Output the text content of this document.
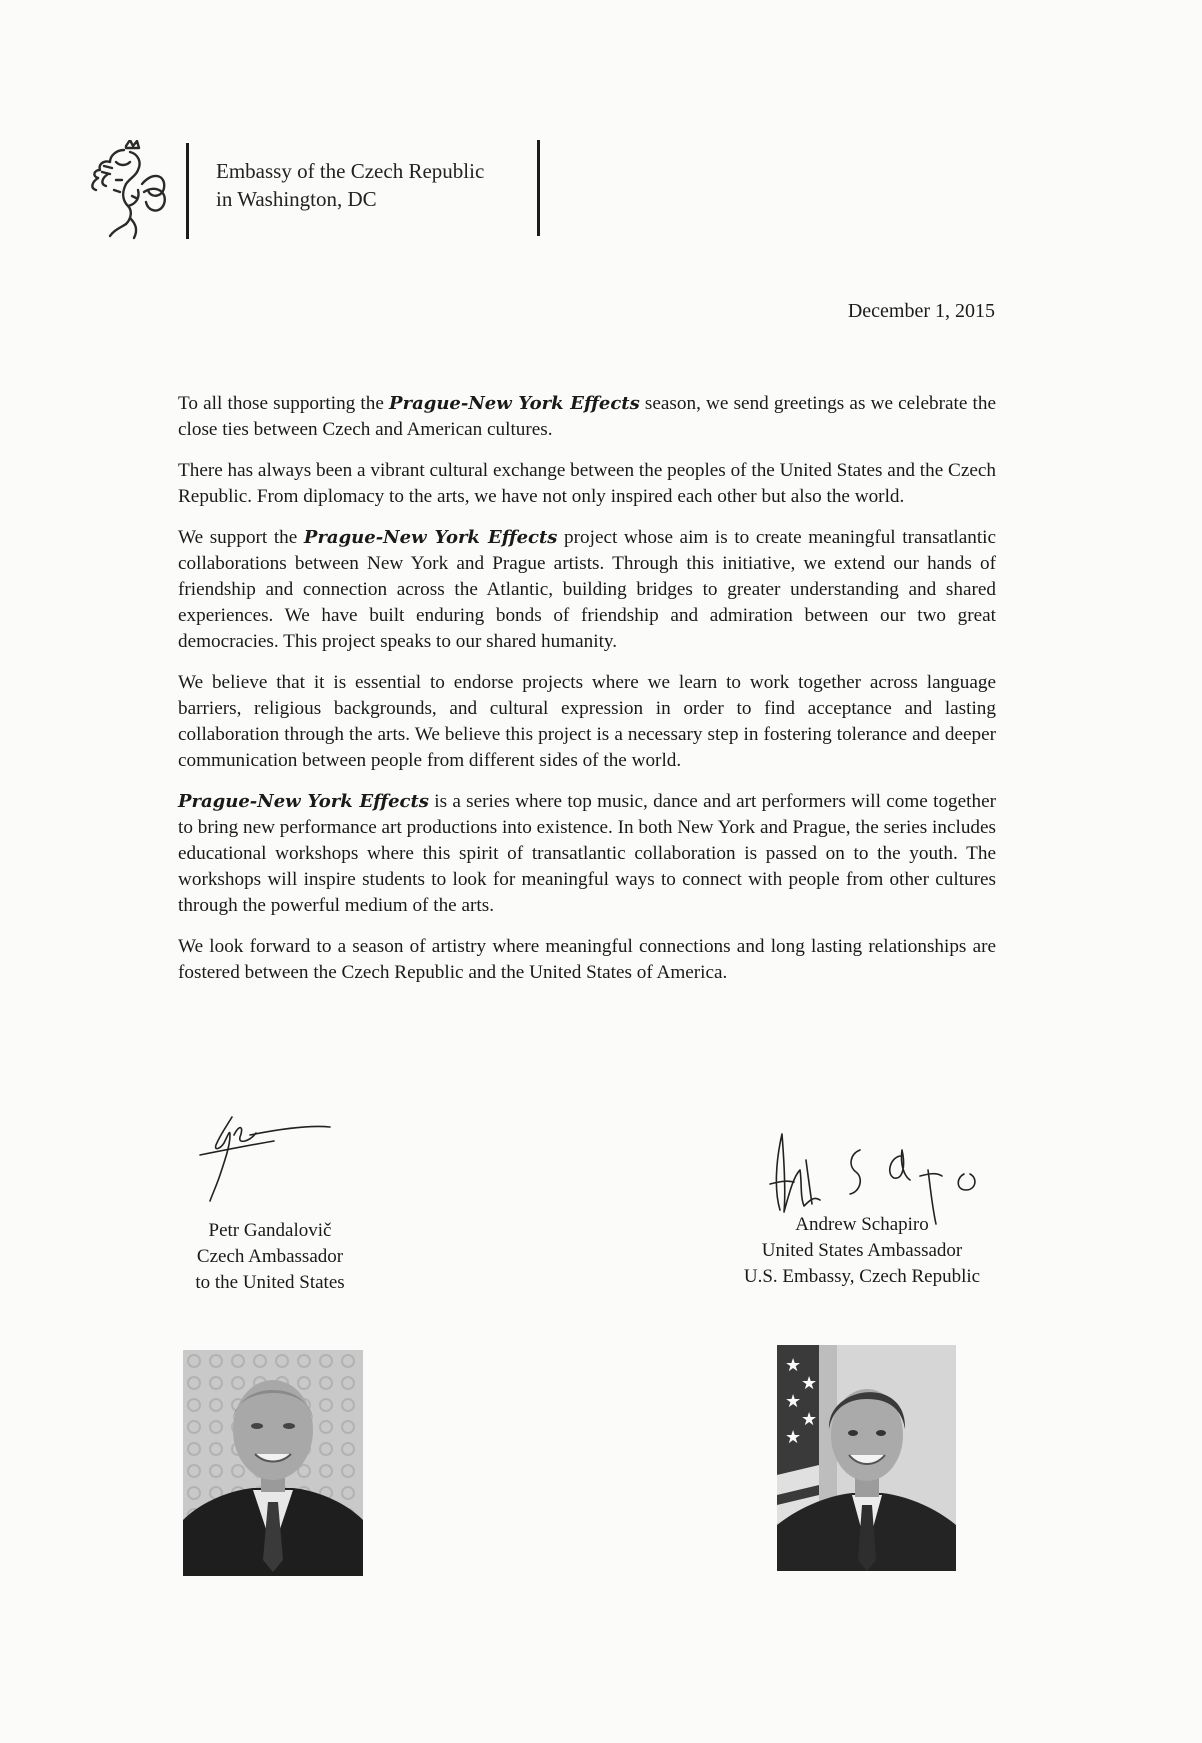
Embassy of the Czech Republic
in Washington, DC
December 1, 2015

To all those supporting the Prague-New York Effects season, we send greetings as we celebrate the close ties between Czech and American cultures.

There has always been a vibrant cultural exchange between the peoples of the United States and the Czech Republic. From diplomacy to the arts, we have not only inspired each other but also the world.

We support the Prague-New York Effects project whose aim is to create meaningful transatlantic collaborations between New York and Prague artists. Through this initiative, we extend our hands of friendship and connection across the Atlantic, building bridges to greater understanding and shared experiences. We have built enduring bonds of friendship and admiration between our two great democracies. This project speaks to our shared humanity.

We believe that it is essential to endorse projects where we learn to work together across language barriers, religious backgrounds, and cultural expression in order to find acceptance and lasting collaboration through the arts. We believe this project is a necessary step in fostering tolerance and deeper communication between people from different sides of the world.

Prague-New York Effects is a series where top music, dance and art performers will come together to bring new performance art productions into existence. In both New York and Prague, the series includes educational workshops where this spirit of transatlantic collaboration is passed on to the youth. The workshops will inspire students to look for meaningful ways to connect with people from other cultures through the powerful medium of the arts.

We look forward to a season of artistry where meaningful connections and long lasting relationships are fostered between the Czech Republic and the United States of America.

Petr Gandalovič
Czech Ambassador
to the United States
Andrew Schapiro
United States Ambassador
U.S. Embassy, Czech Republic
★
★
★
★
★
